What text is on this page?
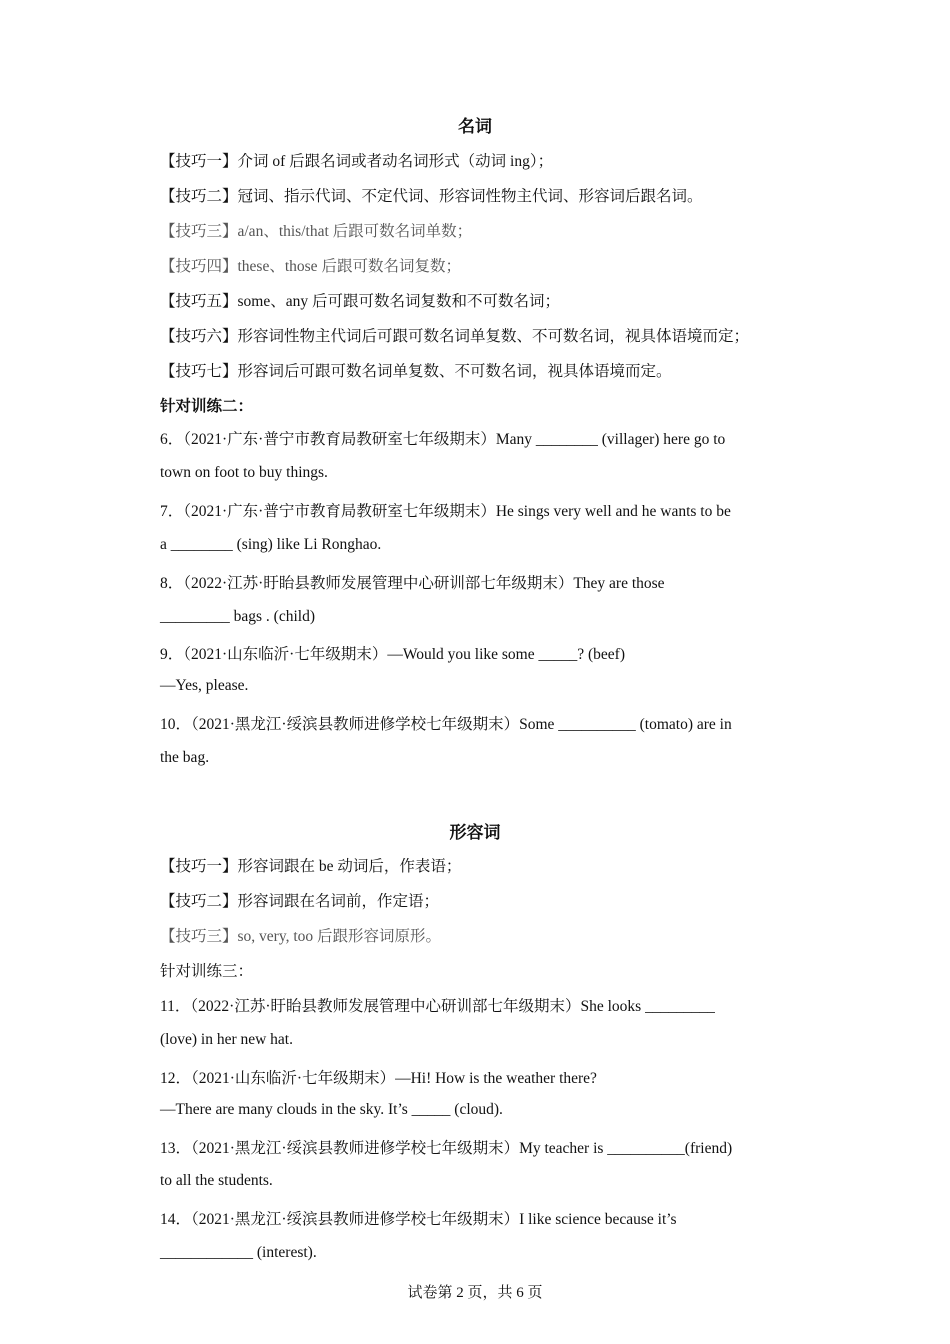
名词
【技巧一】介词 of 后跟名词或者动名词形式（动词 ing）；
【技巧二】冠词、指示代词、不定代词、形容词性物主代词、形容词后跟名词。
【技巧三】a/an、this/that 后跟可数名词单数；
【技巧四】these、those 后跟可数名词复数；
【技巧五】some、any 后可跟可数名词复数和不可数名词；
【技巧六】形容词性物主代词后可跟可数名词单复数、不可数名词，视具体语境而定；
【技巧七】形容词后可跟可数名词单复数、不可数名词，视具体语境而定。
针对训练二：
6．（2021·广东·普宁市教育局教研室七年级期末）Many ________ (villager) here go to
town on foot to buy things.
7．（2021·广东·普宁市教育局教研室七年级期末）He sings very well and he wants to be
a ________ (sing) like Li Ronghao.
8．（2022·江苏·盱眙县教师发展管理中心研训部七年级期末）They are those
_________ bags . (child)
9．（2021·山东临沂·七年级期末）—Would you like some _____? (beef)
—Yes, please.
10．（2021·黑龙江·绥滨县教师进修学校七年级期末）Some __________ (tomato) are in
the bag.
形容词
【技巧一】形容词跟在 be 动词后，作表语；
【技巧二】形容词跟在名词前，作定语；
【技巧三】so, very, too 后跟形容词原形。
针对训练三：
11．（2022·江苏·盱眙县教师发展管理中心研训部七年级期末）She looks _________
(love) in her new hat.
12．（2021·山东临沂·七年级期末）—Hi! How is the weather there?
—There are many clouds in the sky. It’s _____ (cloud).
13．（2021·黑龙江·绥滨县教师进修学校七年级期末）My teacher is __________(friend)
to all the students.
14．（2021·黑龙江·绥滨县教师进修学校七年级期末）I like science because it’s
____________ (interest).
试卷第 2 页，共 6 页
